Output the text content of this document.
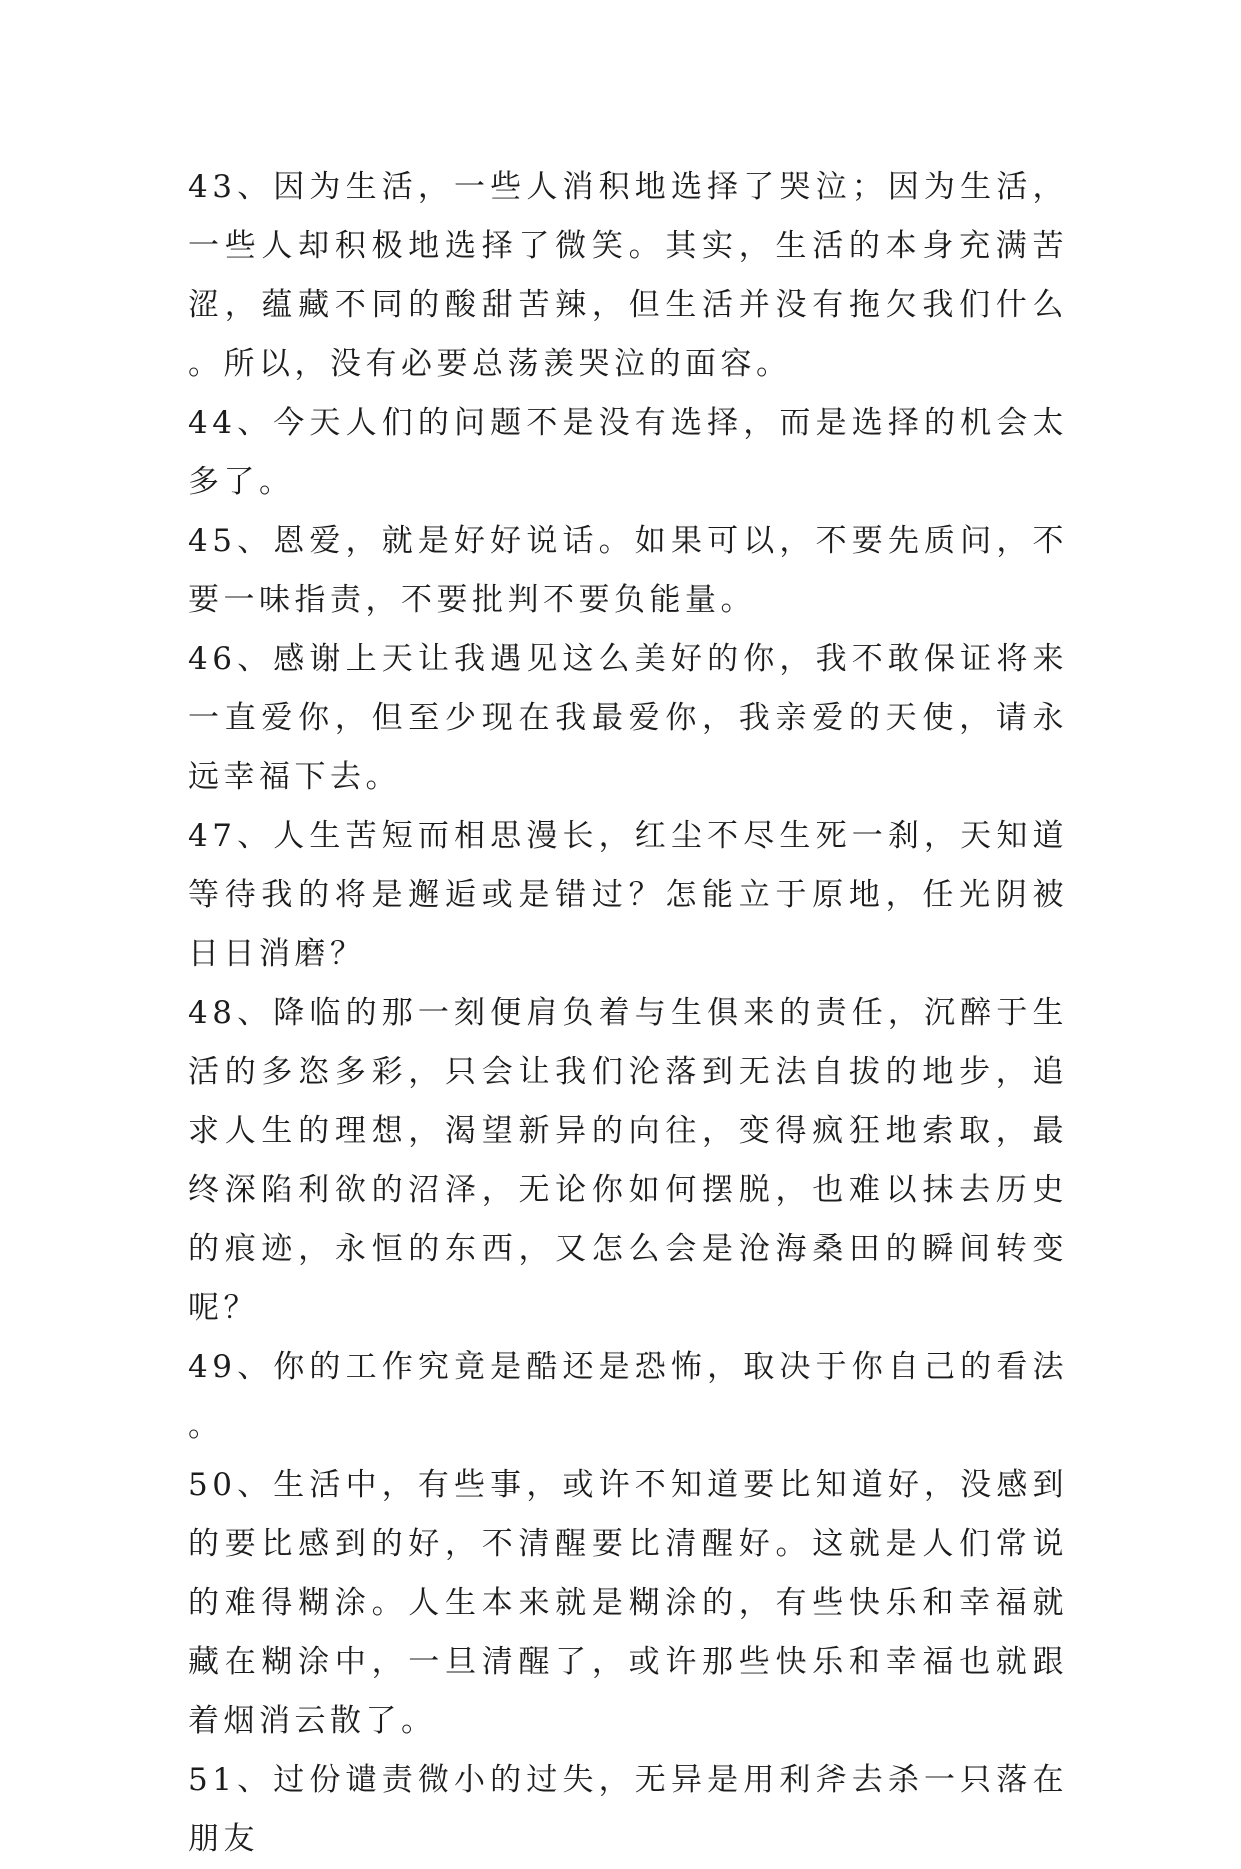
43、因为生活，一些人消积地选择了哭泣；因为生活，一些人却积极地选择了微笑。其实，生活的本身充满苦涩，蕴藏不同的酸甜苦辣，但生活并没有拖欠我们什么。所以，没有必要总荡羡哭泣的面容。

44、今天人们的问题不是没有选择，而是选择的机会太多了。

45、恩爱，就是好好说话。如果可以，不要先质问，不要一味指责，不要批判不要负能量。

46、感谢上天让我遇见这么美好的你，我不敢保证将来一直爱你，但至少现在我最爱你，我亲爱的天使，请永远幸福下去。

47、人生苦短而相思漫长，红尘不尽生死一刹，天知道等待我的将是邂逅或是错过？怎能立于原地，任光阴被日日消磨？

48、降临的那一刻便肩负着与生俱来的责任，沉醉于生活的多恣多彩，只会让我们沦落到无法自拔的地步，追求人生的理想，渴望新异的向往，变得疯狂地索取，最终深陷利欲的沼泽，无论你如何摆脱，也难以抹去历史的痕迹，永恒的东西，又怎么会是沧海桑田的瞬间转变呢？

49、你的工作究竟是酷还是恐怖，取决于你自己的看法。

50、生活中，有些事，或许不知道要比知道好，没感到的要比感到的好，不清醒要比清醒好。这就是人们常说的难得糊涂。人生本来就是糊涂的，有些快乐和幸福就藏在糊涂中，一旦清醒了，或许那些快乐和幸福也就跟着烟消云散了。

51、过份谴责微小的过失，无异是用利斧去杀一只落在朋友
